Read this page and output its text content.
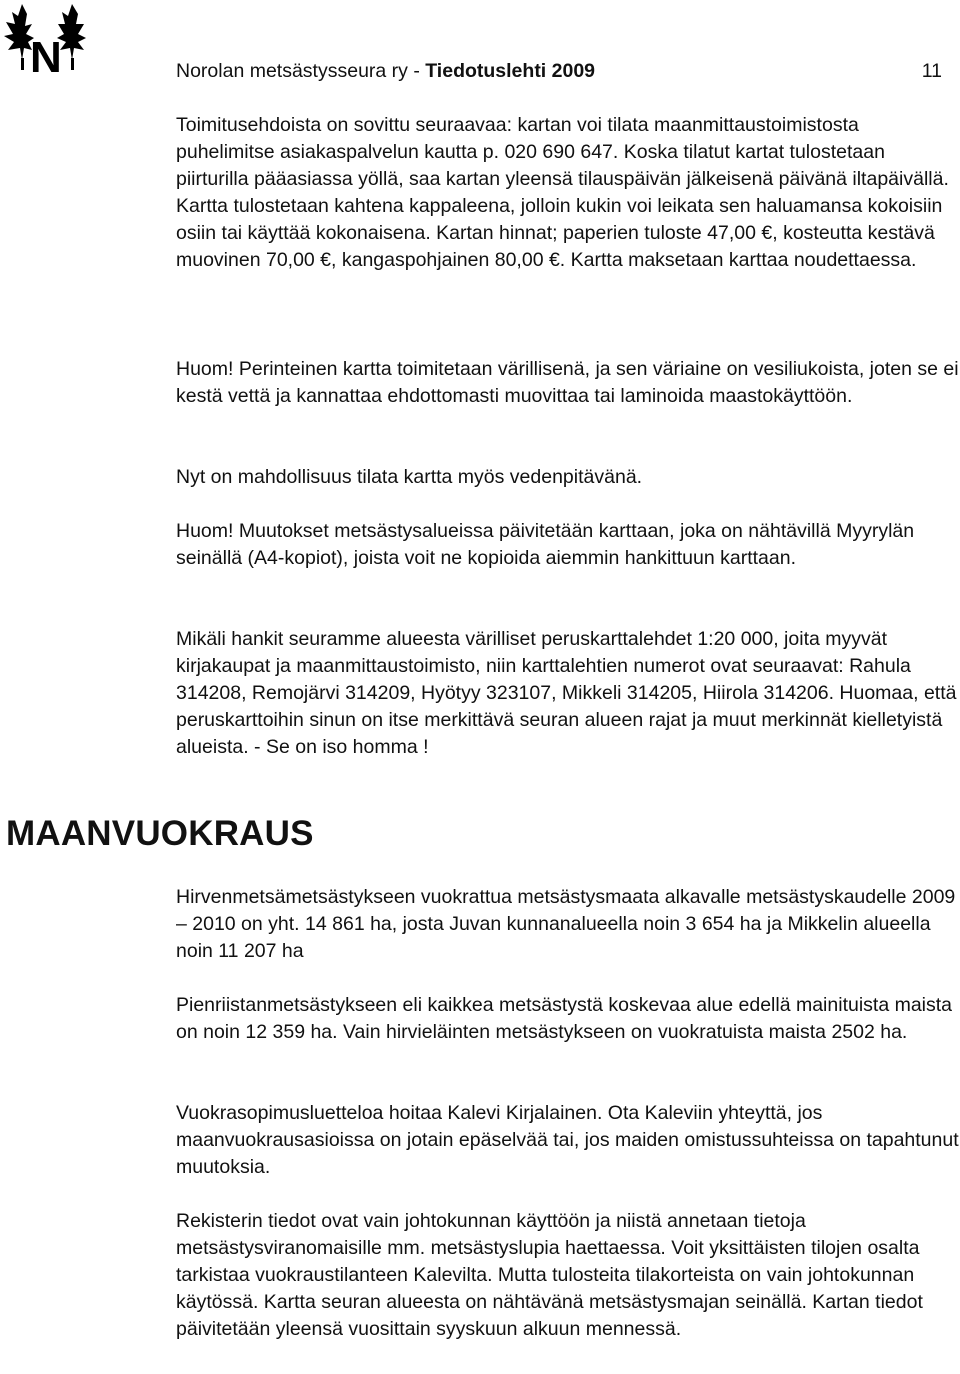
N	Norolan metsästysseura ry - Tiedotuslehti 2009	11

Toimitusehdoista on sovittu seuraavaa: kartan voi tilata maanmittaustoimistosta puhelimitse asiakaspalvelun kautta p. 020 690 647. Koska tilatut kartat tulostetaan piirturilla pääasiassa yöllä, saa kartan yleensä tilauspäivän jälkeisenä päivänä iltapäivällä. Kartta tulostetaan kahtena kappaleena, jolloin kukin voi leikata sen haluamansa kokoisiin osiin tai käyttää kokonaisena. Kartan hinnat; paperien tuloste 47,00 €, kosteutta kestävä muovinen 70,00 €, kangaspohjainen 80,00 €. Kartta maksetaan karttaa noudettaessa.

Huom! Perinteinen kartta toimitetaan värillisenä, ja sen väriaine on vesiliukoista, joten se ei kestä vettä ja kannattaa ehdottomasti muovittaa tai laminoida maastokäyttöön.

Nyt on mahdollisuus tilata kartta myös vedenpitävänä.

Huom! Muutokset metsästysalueissa päivitetään karttaan, joka on nähtävillä Myyrylän seinällä (A4-kopiot), joista voit ne kopioida aiemmin hankittuun karttaan.

Mikäli hankit seuramme alueesta värilliset peruskarttalehdet 1:20 000, joita myyvät kirjakaupat ja maanmittaustoimisto, niin karttalehtien numerot ovat seuraavat: Rahula 314208, Remojärvi 314209, Hyötyy 323107, Mikkeli 314205, Hiirola 314206. Huomaa, että peruskarttoihin sinun on itse merkittävä seuran alueen rajat ja muut merkinnät kielletyistä alueista. - Se on iso homma !

MAANVUOKRAUS

Hirvenmetsämetsästykseen vuokrattua metsästysmaata alkavalle metsästyskaudelle 2009 – 2010 on yht. 14 861 ha, josta Juvan kunnanalueella noin 3 654 ha ja Mikkelin alueella noin 11 207 ha

Pienriistanmetsästykseen eli kaikkea metsästystä koskevaa alue edellä mainituista maista on noin 12 359 ha. Vain hirvieläinten metsästykseen on vuokratuista maista 2502 ha.

Vuokrasopimusluetteloa hoitaa Kalevi Kirjalainen. Ota Kaleviin yhteyttä, jos maanvuokrausasioissa on jotain epäselvää tai, jos maiden omistussuhteissa on tapahtunut muutoksia.

Rekisterin tiedot ovat vain johtokunnan käyttöön ja niistä annetaan tietoja metsästysviranomaisille mm. metsästyslupia haettaessa. Voit yksittäisten tilojen osalta tarkistaa vuokraustilanteen Kalevilta. Mutta tulosteita tilakorteista on vain johtokunnan käytössä. Kartta seuran alueesta on nähtävänä metsästysmajan seinällä. Kartan tiedot päivitetään yleensä vuosittain syyskuun alkuun mennessä.
